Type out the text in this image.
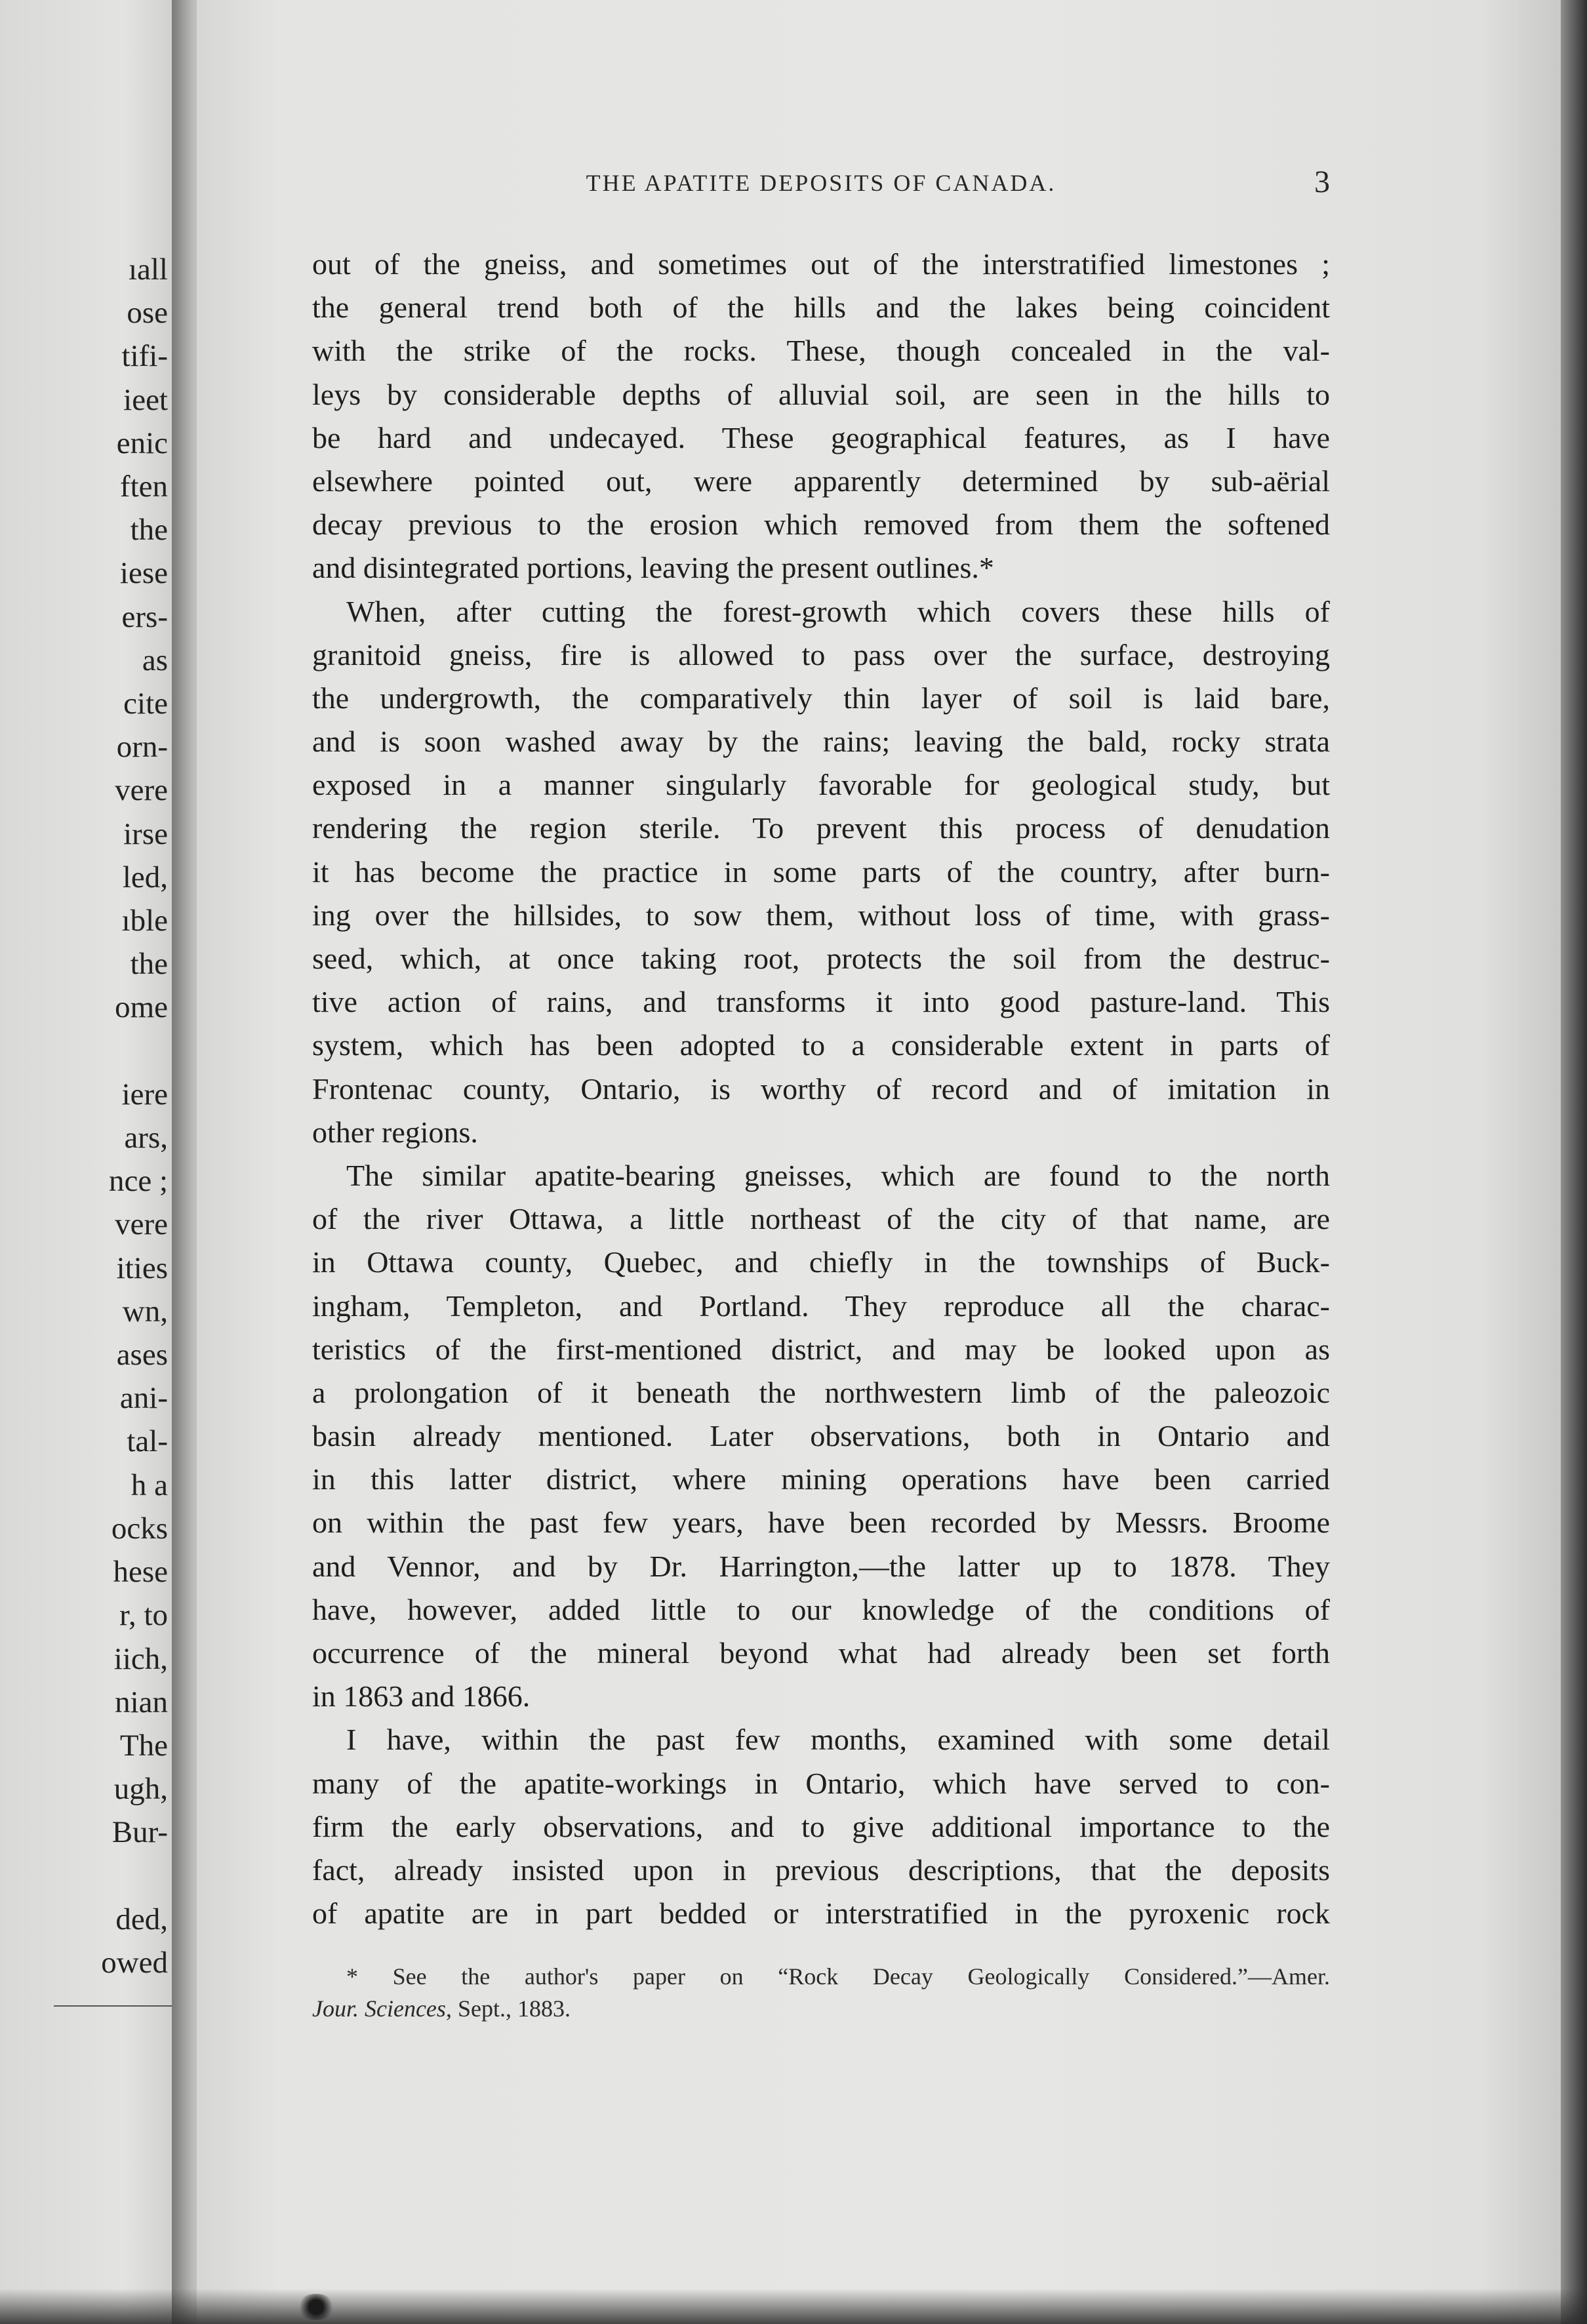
ıall
ose
tifi-
ieet
enic
ften
the
iese
ers-
as
cite
orn-
vere
irse
led,
ıble
the
ome

iere
ars,
nce ;
vere
ities
wn,
ases
ani-
tal-
h a
ocks
hese
r, to
iich,
nian
The
ugh,
Bur-

ded,
owed
THE APATITE DEPOSITS OF CANADA.	3
out of the gneiss, and sometimes out of the interstratified limestones ;
the general trend both of the hills and the lakes being coincident
with the strike of the rocks. These, though concealed in the val-
leys by considerable depths of alluvial soil, are seen in the hills to
be hard and undecayed. These geographical features, as I have
elsewhere pointed out, were apparently determined by sub-aërial
decay previous to the erosion which removed from them the softened
and disintegrated portions, leaving the present outlines.*
When, after cutting the forest-growth which covers these hills of
granitoid gneiss, fire is allowed to pass over the surface, destroying
the undergrowth, the comparatively thin layer of soil is laid bare,
and is soon washed away by the rains; leaving the bald, rocky strata
exposed in a manner singularly favorable for geological study, but
rendering the region sterile. To prevent this process of denudation
it has become the practice in some parts of the country, after burn-
ing over the hillsides, to sow them, without loss of time, with grass-
seed, which, at once taking root, protects the soil from the destruc-
tive action of rains, and transforms it into good pasture-land. This
system, which has been adopted to a considerable extent in parts of
Frontenac county, Ontario, is worthy of record and of imitation in
other regions.
The similar apatite-bearing gneisses, which are found to the north
of the river Ottawa, a little northeast of the city of that name, are
in Ottawa county, Quebec, and chiefly in the townships of Buck-
ingham, Templeton, and Portland. They reproduce all the charac-
teristics of the first-mentioned district, and may be looked upon as
a prolongation of it beneath the northwestern limb of the paleozoic
basin already mentioned. Later observations, both in Ontario and
in this latter district, where mining operations have been carried
on within the past few years, have been recorded by Messrs. Broome
and Vennor, and by Dr. Harrington,—the latter up to 1878. They
have, however, added little to our knowledge of the conditions of
occurrence of the mineral beyond what had already been set forth
in 1863 and 1866.
I have, within the past few months, examined with some detail
many of the apatite-workings in Ontario, which have served to con-
firm the early observations, and to give additional importance to the
fact, already insisted upon in previous descriptions, that the deposits
of apatite are in part bedded or interstratified in the pyroxenic rock
* See the author's paper on “Rock Decay Geologically Considered.”—Amer.
Jour. Sciences, Sept., 1883.
